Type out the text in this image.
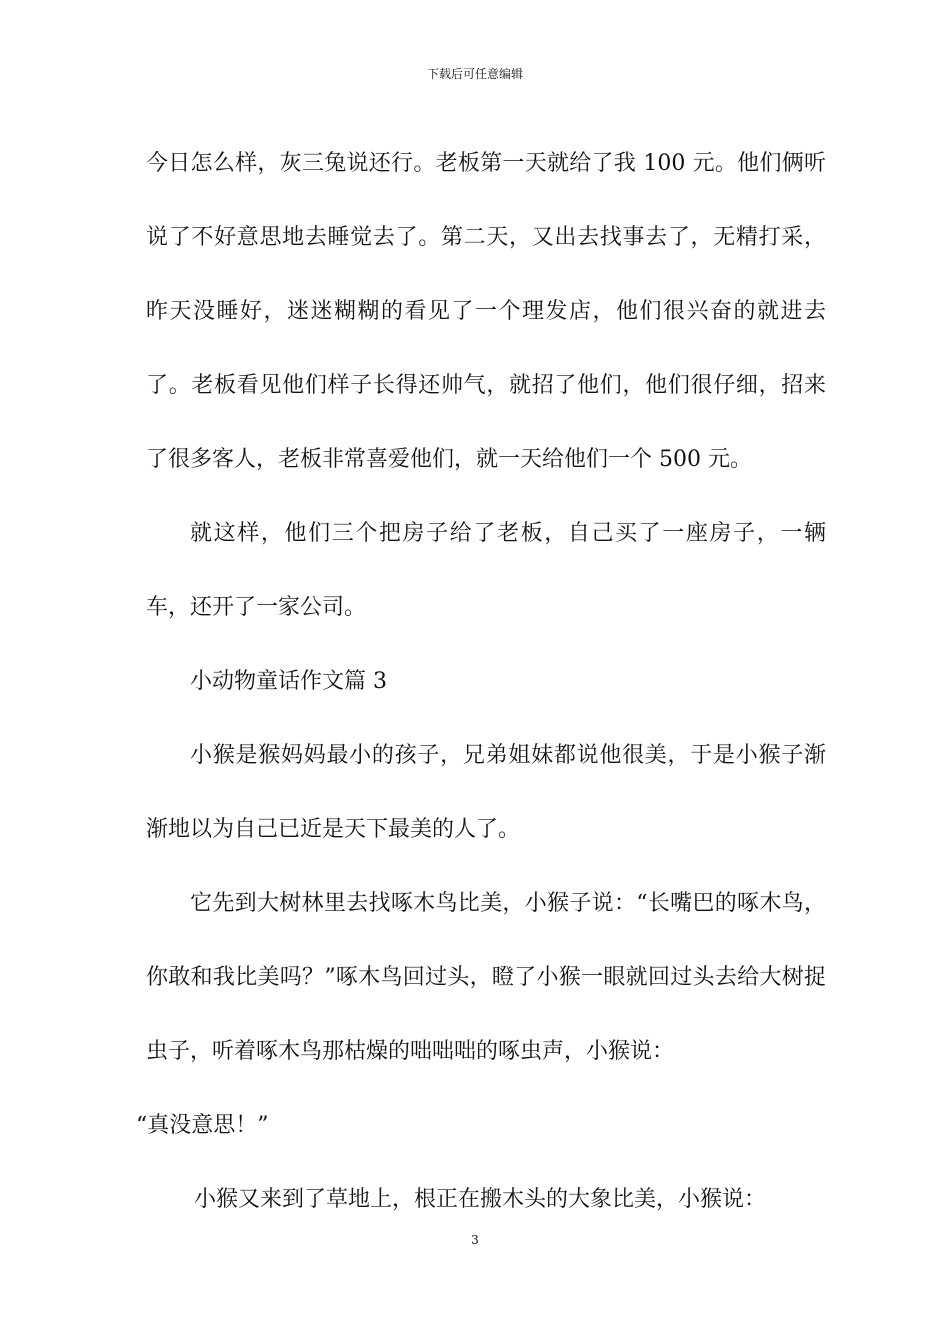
下载后可任意编辑

今日怎么样，灰三兔说还行。老板第一天就给了我 100 元。他们俩听说了不好意思地去睡觉去了。第二天，又出去找事去了，无精打采，昨天没睡好，迷迷糊糊的看见了一个理发店，他们很兴奋的就进去了。老板看见他们样子长得还帅气，就招了他们，他们很仔细，招来了很多客人，老板非常喜爱他们，就一天给他们一个 500 元。

就这样，他们三个把房子给了老板，自己买了一座房子，一辆车，还开了一家公司。

小动物童话作文篇 3

小猴是猴妈妈最小的孩子，兄弟姐妹都说他很美，于是小猴子渐渐地以为自己已近是天下最美的人了。

它先到大树林里去找啄木鸟比美，小猴子说：“长嘴巴的啄木鸟，你敢和我比美吗？”啄木鸟回过头，瞪了小猴一眼就回过头去给大树捉虫子，听着啄木鸟那枯燥的咄咄咄的啄虫声，小猴说：

“真没意思！”

小猴又来到了草地上，根正在搬木头的大象比美，小猴说：

3
